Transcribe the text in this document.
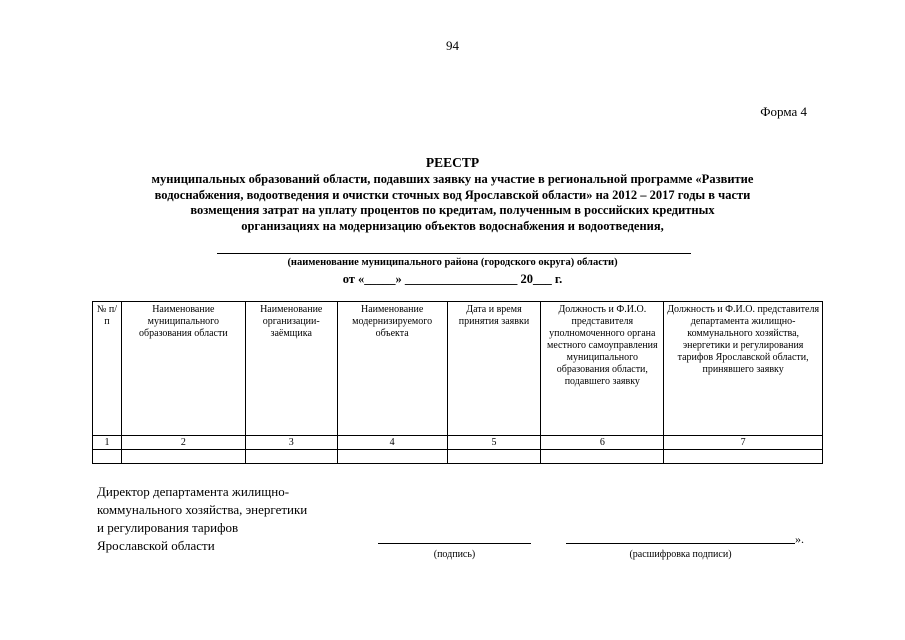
94
Форма 4
РЕЕСТР
муниципальных образований области, подавших заявку на участие в региональной программе «Развитие
водоснабжения, водоотведения и очистки сточных вод Ярославской области» на 2012 – 2017 годы в части
возмещения затрат на уплату процентов по кредитам, полученным в российских кредитных
организациях на модернизацию объектов водоснабжения и водоотведения,
(наименование муниципального района (городского округа) области)
от «_____» __________________ 20___ г.
№ п/п	Наименование муниципального образования области	Наименование организации-заёмщика	Наименование модернизируемого объекта	Дата и время принятия заявки	Должность и Ф.И.О. представителя уполномоченного органа местного самоуправления муниципального образования области, подавшего заявку	Должность и Ф.И.О. представителя департамента жилищно-коммунального хозяйства, энергетики и регулирования тарифов Ярославской области, принявшего заявку
1	2	3	4	5	6	7

Директор департамента жилищно-
коммунального хозяйства, энергетики
и регулирования тарифов
Ярославской области	».
(подпись)	(расшифровка подписи)
